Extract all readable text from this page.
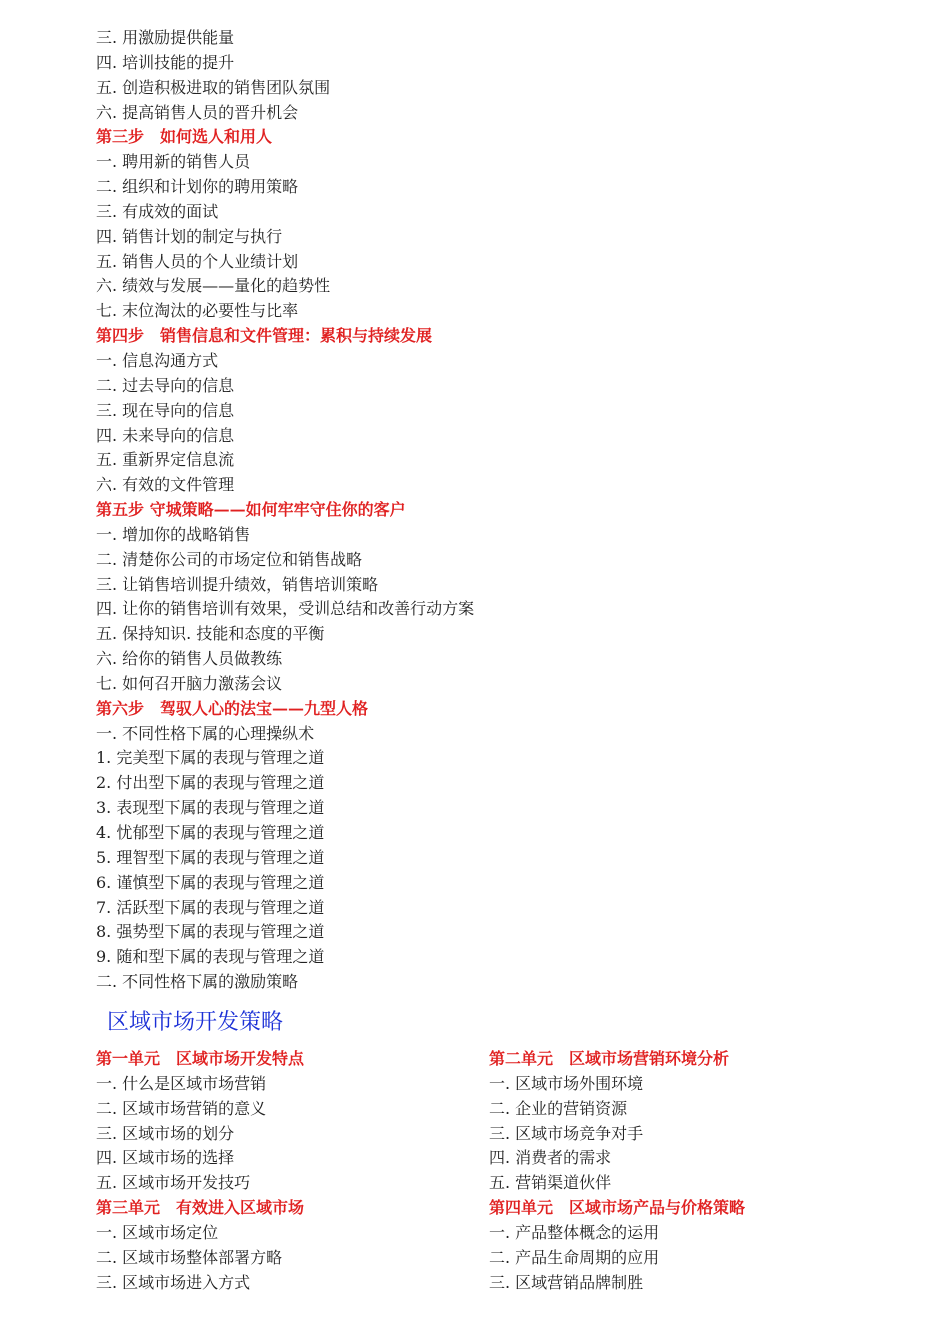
三. 用激励提供能量
四. 培训技能的提升
五. 创造积极进取的销售团队氛围
六. 提高销售人员的晋升机会
第三步　如何选人和用人
一. 聘用新的销售人员
二. 组织和计划你的聘用策略
三. 有成效的面试
四. 销售计划的制定与执行
五. 销售人员的个人业绩计划
六. 绩效与发展——量化的趋势性
七. 末位淘汰的必要性与比率
第四步　销售信息和文件管理：累积与持续发展
一. 信息沟通方式
二. 过去导向的信息
三. 现在导向的信息
四. 未来导向的信息
五. 重新界定信息流
六. 有效的文件管理
第五步 守城策略——如何牢牢守住你的客户
一. 增加你的战略销售
二. 清楚你公司的市场定位和销售战略
三. 让销售培训提升绩效，销售培训策略
四. 让你的销售培训有效果，受训总结和改善行动方案
五. 保持知识. 技能和态度的平衡
六. 给你的销售人员做教练
七. 如何召开脑力激荡会议
第六步　驾驭人心的法宝——九型人格
一. 不同性格下属的心理操纵术
1. 完美型下属的表现与管理之道
2. 付出型下属的表现与管理之道
3. 表现型下属的表现与管理之道
4. 忧郁型下属的表现与管理之道
5. 理智型下属的表现与管理之道
6. 谨慎型下属的表现与管理之道
7. 活跃型下属的表现与管理之道
8. 强势型下属的表现与管理之道
9. 随和型下属的表现与管理之道
二. 不同性格下属的激励策略
区域市场开发策略
第一单元　区域市场开发特点
一. 什么是区域市场营销
二. 区域市场营销的意义
三. 区域市场的划分
四. 区域市场的选择
五. 区域市场开发技巧
第三单元　有效进入区域市场
一. 区域市场定位
二. 区域市场整体部署方略
三. 区域市场进入方式
第二单元　区域市场营销环境分析
一. 区域市场外围环境
二. 企业的营销资源
三. 区域市场竞争对手
四. 消费者的需求
五. 营销渠道伙伴
第四单元　区域市场产品与价格策略
一. 产品整体概念的运用
二. 产品生命周期的应用
三. 区域营销品牌制胜
